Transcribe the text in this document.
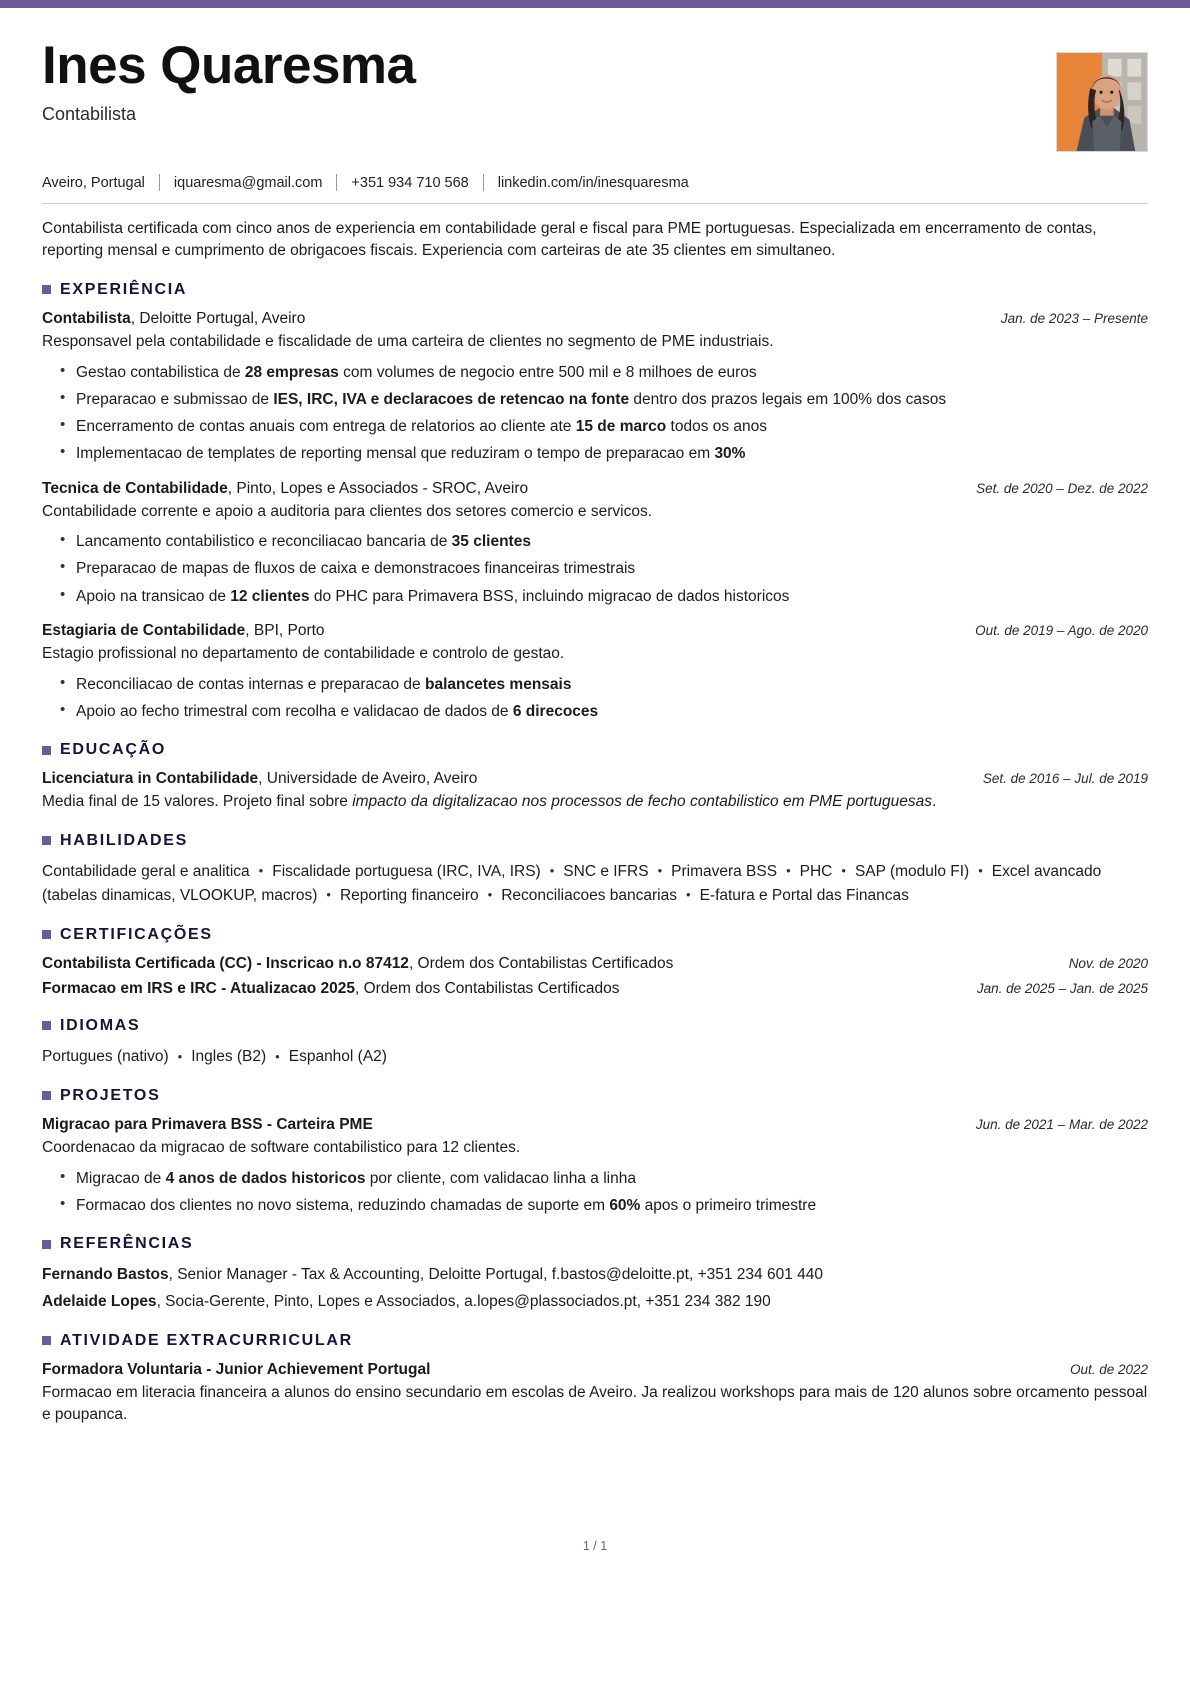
Ines Quaresma
Contabilista
Aveiro, Portugal iquaresma@gmail.com +351 934 710 568 linkedin.com/in/inesquaresma
Contabilista certificada com cinco anos de experiencia em contabilidade geral e fiscal para PME portuguesas. Especializada em encerramento de contas, reporting mensal e cumprimento de obrigacoes fiscais. Experiencia com carteiras de ate 35 clientes em simultaneo.
EXPERIÊNCIA
Contabilista, Deloitte Portugal, Aveiro	Jan. de 2023 – Presente
Responsavel pela contabilidade e fiscalidade de uma carteira de clientes no segmento de PME industriais.
• Gestao contabilistica de 28 empresas com volumes de negocio entre 500 mil e 8 milhoes de euros
• Preparacao e submissao de IES, IRC, IVA e declaracoes de retencao na fonte dentro dos prazos legais em 100% dos casos
• Encerramento de contas anuais com entrega de relatorios ao cliente ate 15 de marco todos os anos
• Implementacao de templates de reporting mensal que reduziram o tempo de preparacao em 30%
Tecnica de Contabilidade, Pinto, Lopes e Associados - SROC, Aveiro	Set. de 2020 – Dez. de 2022
Contabilidade corrente e apoio a auditoria para clientes dos setores comercio e servicos.
• Lancamento contabilistico e reconciliacao bancaria de 35 clientes
• Preparacao de mapas de fluxos de caixa e demonstracoes financeiras trimestrais
• Apoio na transicao de 12 clientes do PHC para Primavera BSS, incluindo migracao de dados historicos
Estagiaria de Contabilidade, BPI, Porto	Out. de 2019 – Ago. de 2020
Estagio profissional no departamento de contabilidade e controlo de gestao.
• Reconciliacao de contas internas e preparacao de balancetes mensais
• Apoio ao fecho trimestral com recolha e validacao de dados de 6 direcoces
EDUCAÇÃO
Licenciatura in Contabilidade, Universidade de Aveiro, Aveiro	Set. de 2016 – Jul. de 2019
Media final de 15 valores. Projeto final sobre impacto da digitalizacao nos processos de fecho contabilistico em PME portuguesas.
HABILIDADES
Contabilidade geral e analitica • Fiscalidade portuguesa (IRC, IVA, IRS) • SNC e IFRS • Primavera BSS • PHC • SAP (modulo FI) • Excel avancado (tabelas dinamicas, VLOOKUP, macros) • Reporting financeiro • Reconciliacoes bancarias • E-fatura e Portal das Financas
CERTIFICAÇÕES
Contabilista Certificada (CC) - Inscricao n.o 87412, Ordem dos Contabilistas Certificados	Nov. de 2020
Formacao em IRS e IRC - Atualizacao 2025, Ordem dos Contabilistas Certificados	Jan. de 2025 – Jan. de 2025
IDIOMAS
Portugues (nativo) • Ingles (B2) • Espanhol (A2)
PROJETOS
Migracao para Primavera BSS - Carteira PME	Jun. de 2021 – Mar. de 2022
Coordenacao da migracao de software contabilistico para 12 clientes.
• Migracao de 4 anos de dados historicos por cliente, com validacao linha a linha
• Formacao dos clientes no novo sistema, reduzindo chamadas de suporte em 60% apos o primeiro trimestre
REFERÊNCIAS
Fernando Bastos, Senior Manager - Tax & Accounting, Deloitte Portugal, f.bastos@deloitte.pt, +351 234 601 440
Adelaide Lopes, Socia-Gerente, Pinto, Lopes e Associados, a.lopes@plassociados.pt, +351 234 382 190
ATIVIDADE EXTRACURRICULAR
Formadora Voluntaria - Junior Achievement Portugal	Out. de 2022
Formacao em literacia financeira a alunos do ensino secundario em escolas de Aveiro. Ja realizou workshops para mais de 120 alunos sobre orcamento pessoal e poupanca.
1 / 1
